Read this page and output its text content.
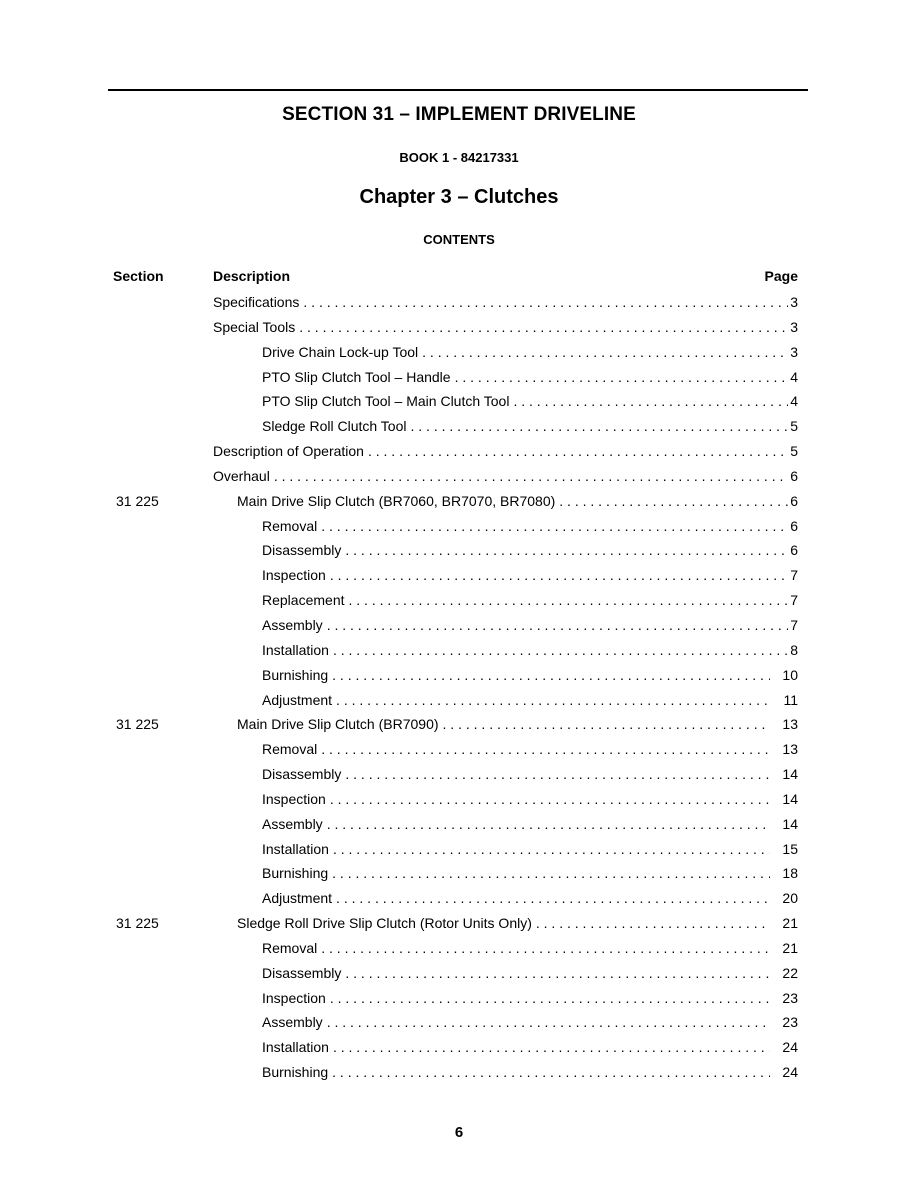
SECTION 31 – IMPLEMENT DRIVELINE
BOOK 1 - 84217331
Chapter 3 – Clutches
CONTENTS
Section	Description	Page
Specifications . . .	3
Special Tools . . .	3
Drive Chain Lock-up Tool . . .	3
PTO Slip Clutch Tool – Handle . . .	4
PTO Slip Clutch Tool – Main Clutch Tool . . .	4
Sledge Roll Clutch Tool . . .	5
Description of Operation . . .	5
Overhaul . . .	6
31 225	Main Drive Slip Clutch (BR7060, BR7070, BR7080) . . .	6
Removal . . .	6
Disassembly . . .	6
Inspection . . .	7
Replacement . . .	7
Assembly . . .	7
Installation . . .	8
Burnishing . . .	10
Adjustment . . .	11
31 225	Main Drive Slip Clutch (BR7090) . . .	13
Removal . . .	13
Disassembly . . .	14
Inspection . . .	14
Assembly . . .	14
Installation . . .	15
Burnishing . . .	18
Adjustment . . .	20
31 225	Sledge Roll Drive Slip Clutch (Rotor Units Only) . . .	21
Removal . . .	21
Disassembly . . .	22
Inspection . . .	23
Assembly . . .	23
Installation . . .	24
Burnishing . . .	24
6
